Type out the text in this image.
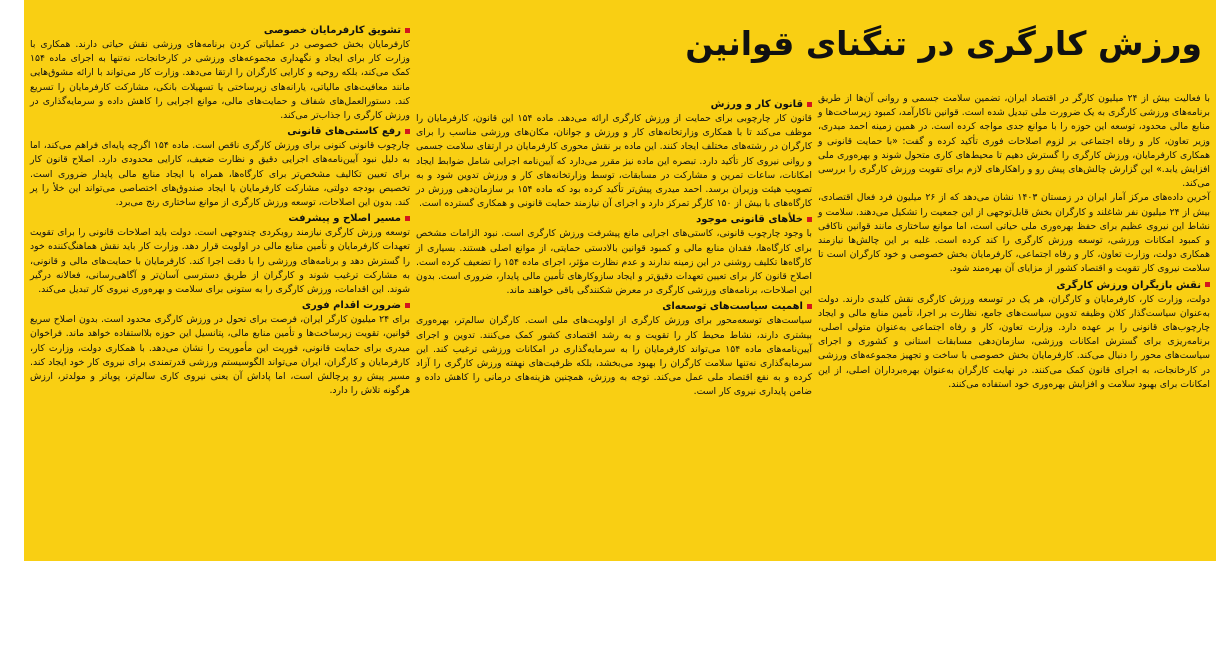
ورزش کارگری در تنگنای قوانین

با فعالیت بیش از ۲۴ میلیون کارگر در اقتصاد ایران، تضمین سلامت جسمی و روانی آن‌ها از طریق برنامه‌های ورزشی کارگری به یک ضرورت ملی تبدیل شده است. قوانین ناکارآمد، کمبود زیرساخت‌ها و منابع مالی محدود، توسعه این حوزه را با موانع جدی مواجه کرده است. در همین زمینه احمد میدری، وزیر تعاون، کار و رفاه اجتماعی بر لزوم اصلاحات فوری تأکید کرده و گفت: «با حمایت قانونی و همکاری کارفرمایان، ورزش کارگری را گسترش دهیم تا محیط‌های کاری متحول شوند و بهره‌وری ملی افزایش یابد.» این گزارش چالش‌های پیش رو و راهکارهای لازم برای تقویت ورزش کارگری را بررسی می‌کند.

آخرین داده‌های مرکز آمار ایران در زمستان ۱۴۰۳ نشان می‌دهد که از ۲۶ میلیون فرد فعال اقتصادی، بیش از ۲۴ میلیون نفر شاغلند و کارگران بخش قابل‌توجهی از این جمعیت را تشکیل می‌دهند. سلامت و نشاط این نیروی عظیم برای حفظ بهره‌وری ملی حیاتی است، اما موانع ساختاری مانند قوانین ناکافی و کمبود امکانات ورزشی، توسعه ورزش کارگری را کند کرده است. غلبه بر این چالش‌ها نیازمند همکاری دولت، وزارت تعاون، کار و رفاه اجتماعی، کارفرمایان بخش خصوصی و خود کارگران است تا سلامت نیروی کار تقویت و اقتصاد کشور از مزایای آن بهره‌مند شود.

نقش بازیگران ورزش کارگری

دولت، وزارت کار، کارفرمایان و کارگران، هر یک در توسعه ورزش کارگری نقش کلیدی دارند. دولت به‌عنوان سیاست‌گذار کلان وظیفه تدوین سیاست‌های جامع، نظارت بر اجرا، تأمین منابع مالی و ایجاد چارچوب‌های قانونی را بر عهده دارد. وزارت تعاون، کار و رفاه اجتماعی به‌عنوان متولی اصلی، برنامه‌ریزی برای گسترش امکانات ورزشی، سازمان‌دهی مسابقات استانی و کشوری و اجرای سیاست‌های محور را دنبال می‌کند. کارفرمایان بخش خصوصی با ساخت و تجهیز مجموعه‌های ورزشی در کارخانجات، به اجرای قانون کمک می‌کنند. در نهایت کارگران به‌عنوان بهره‌برداران اصلی، از این امکانات برای بهبود سلامت و افزایش بهره‌وری خود استفاده می‌کنند.

قانون کار و ورزش

قانون کار چارچوبی برای حمایت از ورزش کارگری ارائه می‌دهد. ماده ۱۵۴ این قانون، کارفرمایان را موظف می‌کند تا با همکاری وزارتخانه‌های کار و ورزش و جوانان، مکان‌های ورزشی مناسب را برای کارگران در رشته‌های مختلف ایجاد کنند. این ماده بر نقش محوری کارفرمایان در ارتقای سلامت جسمی و روانی نیروی کار تأکید دارد. تبصره این ماده نیز مقرر می‌دارد که آیین‌نامه اجرایی شامل ضوابط ایجاد امکانات، ساعات تمرین و مشارکت در مسابقات، توسط وزارتخانه‌های کار و ورزش تدوین شود و به تصویب هیئت وزیران برسد. احمد میدری پیش‌تر تأکید کرده بود که ماده ۱۵۴ بر سازمان‌دهی ورزش در کارگاه‌های با بیش از ۱۵۰ کارگر تمرکز دارد و اجرای آن نیازمند حمایت قانونی و همکاری گسترده است.

خلأهای قانونی موجود

با وجود چارچوب قانونی، کاستی‌های اجرایی مانع پیشرفت ورزش کارگری است. نبود الزامات مشخص برای کارگاه‌ها، فقدان منابع مالی و کمبود قوانین بالادستی حمایتی، از موانع اصلی هستند. بسیاری از کارگاه‌ها تکلیف روشنی در این زمینه ندارند و عدم نظارت مؤثر، اجرای ماده ۱۵۴ را تضعیف کرده است. اصلاح قانون کار برای تعیین تعهدات دقیق‌تر و ایجاد سازوکارهای تأمین مالی پایدار، ضروری است. بدون این اصلاحات، برنامه‌های ورزشی کارگری در معرض شکنندگی باقی خواهند ماند.

اهمیت سیاست‌های توسعه‌ای

سیاست‌های توسعه‌محور برای ورزش کارگری از اولویت‌های ملی است. کارگران سالم‌تر، بهره‌وری بیشتری دارند، نشاط محیط کار را تقویت و به رشد اقتصادی کشور کمک می‌کنند. تدوین و اجرای آیین‌نامه‌های ماده ۱۵۴ می‌تواند کارفرمایان را به سرمایه‌گذاری در امکانات ورزشی ترغیب کند. این سرمایه‌گذاری نه‌تنها سلامت کارگران را بهبود می‌بخشد، بلکه ظرفیت‌های نهفته ورزش کارگری را آزاد کرده و به نفع اقتصاد ملی عمل می‌کند. توجه به ورزش، همچنین هزینه‌های درمانی را کاهش داده و ضامن پایداری نیروی کار است.

تشویق کارفرمایان خصوصی

کارفرمایان بخش خصوصی در عملیاتی کردن برنامه‌های ورزشی نقش حیاتی دارند. همکاری با وزارت کار برای ایجاد و نگهداری مجموعه‌های ورزشی در کارخانجات، نه‌تنها به اجرای ماده ۱۵۴ کمک می‌کند، بلکه روحیه و کارایی کارگران را ارتقا می‌دهد. وزارت کار می‌تواند با ارائه مشوق‌هایی مانند معافیت‌های مالیاتی، یارانه‌های زیرساختی یا تسهیلات بانکی، مشارکت کارفرمایان را تسریع کند. دستورالعمل‌های شفاف و حمایت‌های مالی، موانع اجرایی را کاهش داده و سرمایه‌گذاری در ورزش کارگری را جذاب‌تر می‌کند.

رفع کاستی‌های قانونی

چارچوب قانونی کنونی برای ورزش کارگری ناقص است. ماده ۱۵۴ اگرچه پایه‌ای فراهم می‌کند، اما به دلیل نبود آیین‌نامه‌های اجرایی دقیق و نظارت ضعیف، کارایی محدودی دارد. اصلاح قانون کار برای تعیین تکالیف مشخص‌تر برای کارگاه‌ها، همراه با ایجاد منابع مالی پایدار ضروری است. تخصیص بودجه دولتی، مشارکت کارفرمایان یا ایجاد صندوق‌های اختصاصی می‌تواند این خلأ را پر کند. بدون این اصلاحات، توسعه ورزش کارگری از موانع ساختاری رنج می‌برد.

مسیر اصلاح و پیشرفت

توسعه ورزش کارگری نیازمند رویکردی چندوجهی است. دولت باید اصلاحات قانونی را برای تقویت تعهدات کارفرمایان و تأمین منابع مالی در اولویت قرار دهد. وزارت کار باید نقش هماهنگ‌کننده خود را گسترش دهد و برنامه‌های ورزشی را با دقت اجرا کند. کارفرمایان با حمایت‌های مالی و قانونی، به مشارکت ترغیب شوند و کارگران از طریق دسترسی آسان‌تر و آگاهی‌رسانی، فعالانه درگیر شوند. این اقدامات، ورزش کارگری را به ستونی برای سلامت و بهره‌وری نیروی کار تبدیل می‌کند.

ضرورت اقدام فوری

برای ۲۴ میلیون کارگر ایران، فرصت برای تحول در ورزش کارگری محدود است. بدون اصلاح سریع قوانین، تقویت زیرساخت‌ها و تأمین منابع مالی، پتانسیل این حوزه بلااستفاده خواهد ماند. فراخوان میدری برای حمایت قانونی، فوریت این مأموریت را نشان می‌دهد. با همکاری دولت، وزارت کار، کارفرمایان و کارگران، ایران می‌تواند الگوسیستم ورزشی قدرتمندی برای نیروی کار خود ایجاد کند. مسیر پیش رو پرچالش است، اما پاداش آن یعنی نیروی کاری سالم‌تر، پویاتر و مولدتر، ارزش هرگونه تلاش را دارد.
